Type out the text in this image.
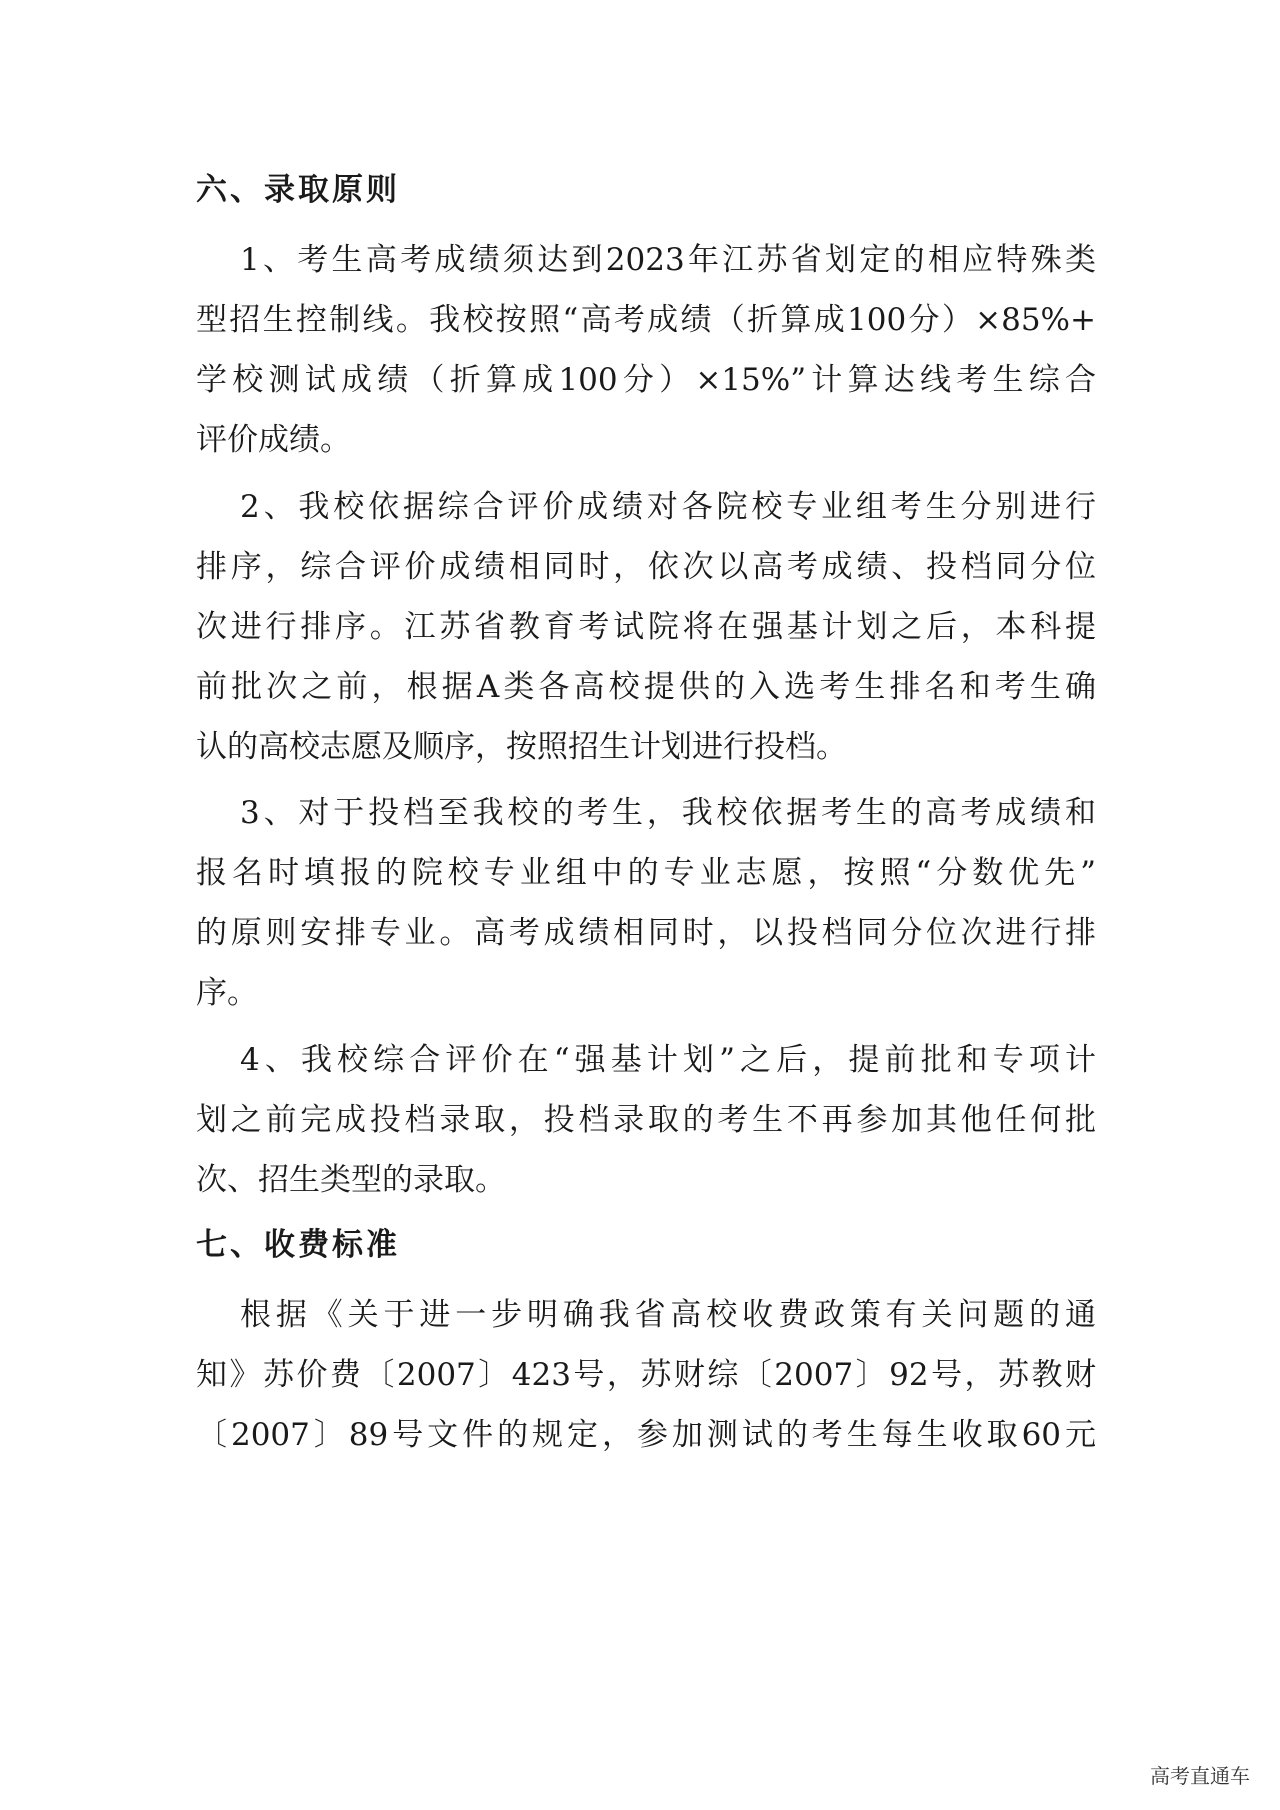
六、录取原则
1、考生高考成绩须达到2023年江苏省划定的相应特殊类
型招生控制线。我校按照“高考成绩（折算成100分）×85%+
学校测试成绩（折算成100分）×15%”计算达线考生综合
评价成绩。
2、我校依据综合评价成绩对各院校专业组考生分别进行
排序，综合评价成绩相同时，依次以高考成绩、投档同分位
次进行排序。江苏省教育考试院将在强基计划之后，本科提
前批次之前，根据A类各高校提供的入选考生排名和考生确
认的高校志愿及顺序，按照招生计划进行投档。
3、对于投档至我校的考生，我校依据考生的高考成绩和
报名时填报的院校专业组中的专业志愿，按照“分数优先”
的原则安排专业。高考成绩相同时，以投档同分位次进行排
序。
4、我校综合评价在“强基计划”之后，提前批和专项计
划之前完成投档录取，投档录取的考生不再参加其他任何批
次、招生类型的录取。
七、收费标准
根据《关于进一步明确我省高校收费政策有关问题的通
知》苏价费〔2007〕423号，苏财综〔2007〕92号，苏教财
〔2007〕89号文件的规定，参加测试的考生每生收取60元
高考直通车
